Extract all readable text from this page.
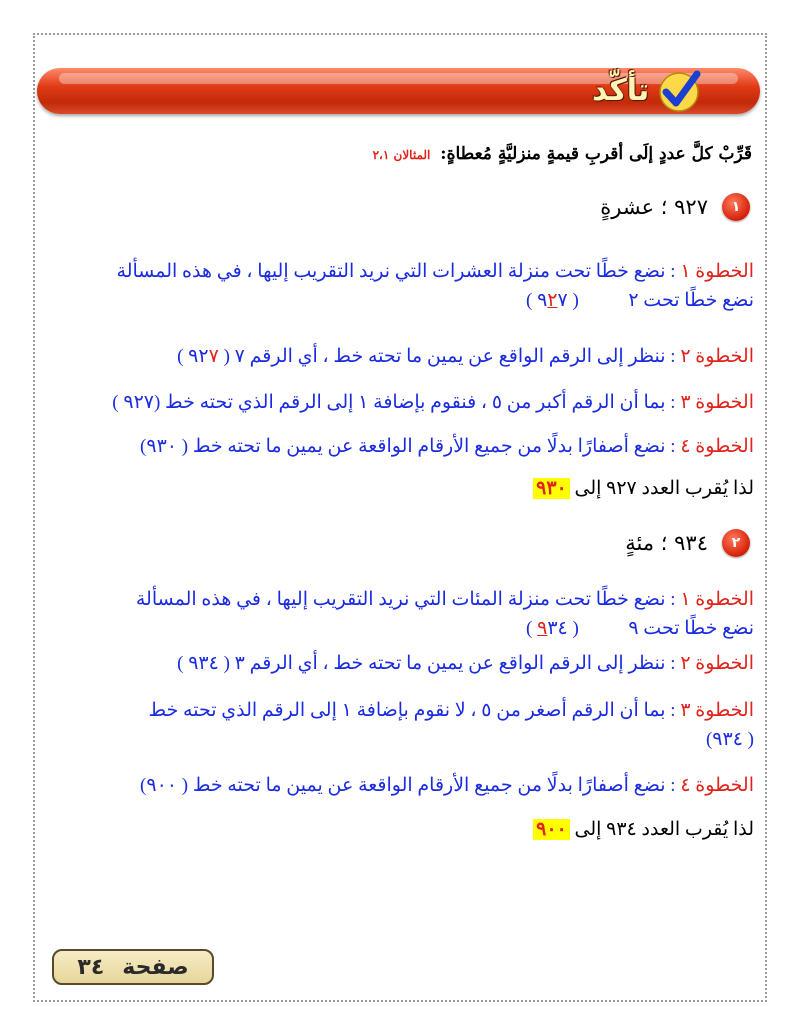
تأكّد
قَرِّبْ كلَّ عددٍ إلَى أقربِ قيمةٍ منزليَّةٍ مُعطاةٍ: المثالان ٢،١
١
٩٢٧ ؛ عشرةٍ
الخطوة ١ : نضع خطًا تحت منزلة العشرات التي نريد التقريب إليها ، في هذه المسألة
نضع خطًا تحت ٢  ( ٩٢٧ )
الخطوة ٢ : ننظر إلى الرقم الواقع عن يمين ما تحته خط ، أي الرقم ٧ ( ٩٢٧ )
الخطوة ٣ : بما أن الرقم أكبر من ٥ ، فنقوم بإضافة ١ إلى الرقم الذي تحته خط (٩٢٧ )
الخطوة ٤ : نضع أصفارًا بدلًا من جميع الأرقام الواقعة عن يمين ما تحته خط ( ٩٣٠)
لذا يُقرب العدد ٩٢٧ إلى ٩٣٠
٢
٩٣٤ ؛ مئةٍ
الخطوة ١ : نضع خطًا تحت منزلة المئات التي نريد التقريب إليها ، في هذه المسألة
نضع خطًا تحت ٩  ( ٩٣٤ )
الخطوة ٢ : ننظر إلى الرقم الواقع عن يمين ما تحته خط ، أي الرقم ٣ ( ٩٣٤ )
الخطوة ٣ : بما أن الرقم أصغر من ٥ ، لا نقوم بإضافة ١ إلى الرقم الذي تحته خط
( ٩٣٤)
الخطوة ٤ : نضع أصفارًا بدلًا من جميع الأرقام الواقعة عن يمين ما تحته خط ( ٩٠٠)
لذا يُقرب العدد ٩٣٤ إلى ٩٠٠
صفحة
٣٤
